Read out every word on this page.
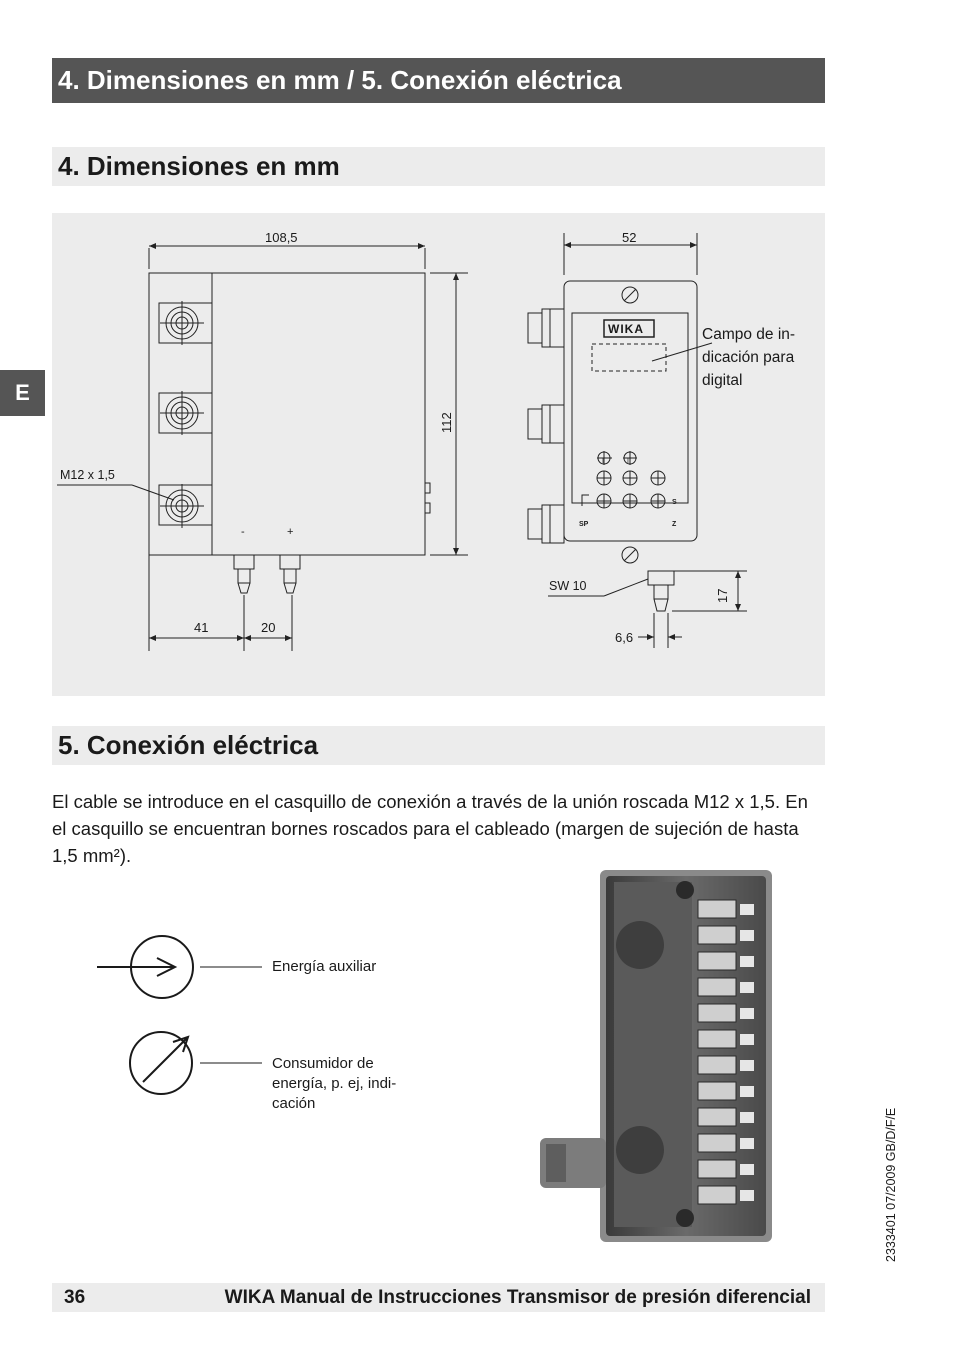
4. Dimensiones en mm / 5. Conexión eléctrica
E
4. Dimensiones en mm
108,5
112
41	20
M12 x 1,5
-	+
52
17
6,6
SW 10
WIKA
I	II
S
Z
SP
Campo de in-
dicación para
digital
5. Conexión eléctrica
El cable se introduce en el casquillo de conexión a través de la unión roscada M12 x 1,5. En el casquillo se encuentran bornes roscados para el cableado (margen de sujeción de hasta 1,5 mm²).
Energía auxiliar
Consumidor de
energía, p. ej, indi-
cación
2333401 07/2009 GB/D/F/E
36	WIKA Manual de Instrucciones Transmisor de presión diferencial
